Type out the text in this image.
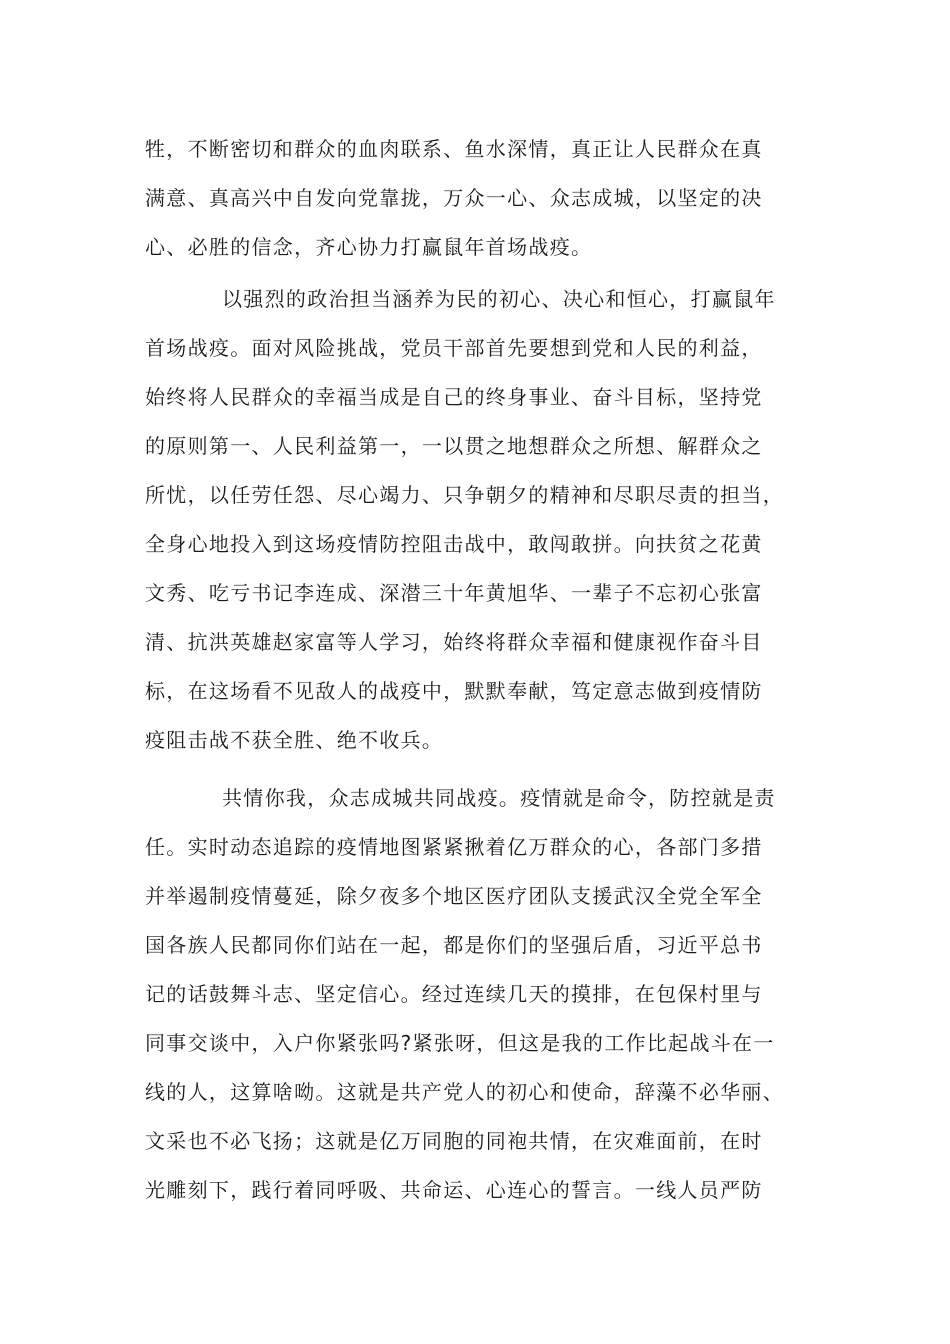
牲，不断密切和群众的血肉联系、鱼水深情，真正让人民群众在真
满意、真高兴中自发向党靠拢，万众一心、众志成城，以坚定的决
心、必胜的信念，齐心协力打赢鼠年首场战疫。
以强烈的政治担当涵养为民的初心、决心和恒心，打赢鼠年
首场战疫。面对风险挑战，党员干部首先要想到党和人民的利益，
始终将人民群众的幸福当成是自己的终身事业、奋斗目标，坚持党
的原则第一、人民利益第一，一以贯之地想群众之所想、解群众之
所忧，以任劳任怨、尽心竭力、只争朝夕的精神和尽职尽责的担当，
全身心地投入到这场疫情防控阻击战中，敢闯敢拼。向扶贫之花黄
文秀、吃亏书记李连成、深潜三十年黄旭华、一辈子不忘初心张富
清、抗洪英雄赵家富等人学习，始终将群众幸福和健康视作奋斗目
标，在这场看不见敌人的战疫中，默默奉献，笃定意志做到疫情防
疫阻击战不获全胜、绝不收兵。
共情你我，众志成城共同战疫。疫情就是命令，防控就是责
任。实时动态追踪的疫情地图紧紧揪着亿万群众的心，各部门多措
并举遏制疫情蔓延，除夕夜多个地区医疗团队支援武汉全党全军全
国各族人民都同你们站在一起，都是你们的坚强后盾，习近平总书
记的话鼓舞斗志、坚定信心。经过连续几天的摸排，在包保村里与
同事交谈中，入户你紧张吗?紧张呀，但这是我的工作比起战斗在一
线的人，这算啥呦。这就是共产党人的初心和使命，辞藻不必华丽、
文采也不必飞扬；这就是亿万同胞的同袍共情，在灾难面前，在时
光雕刻下，践行着同呼吸、共命运、心连心的誓言。一线人员严防
